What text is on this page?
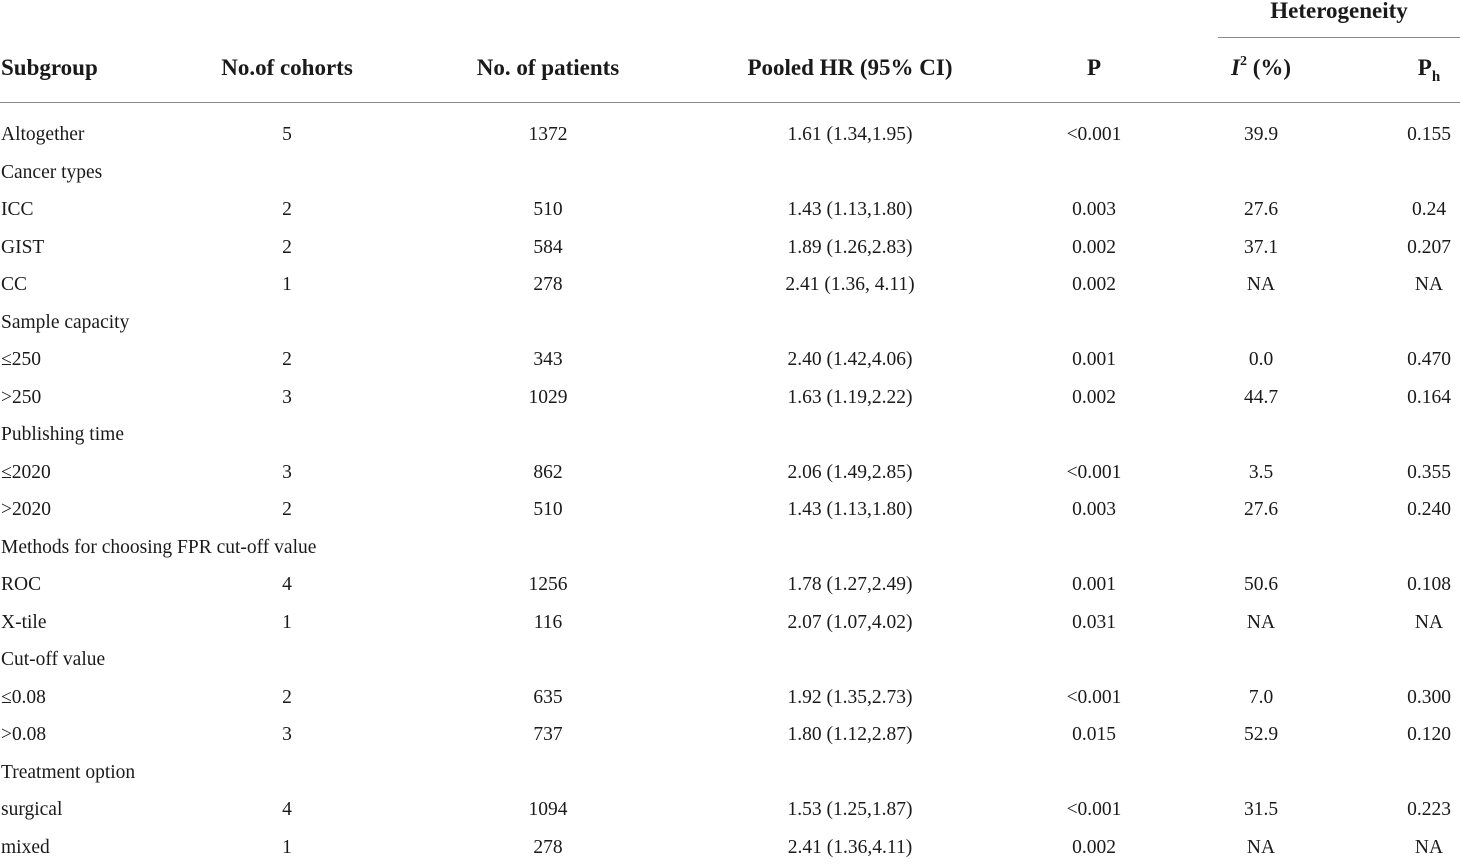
Heterogeneity
Subgroup	No.of cohorts	No. of patients	Pooled HR (95% CI)	P	$I^2$ (%)	$P_h$
Altogether	5	1372	1.61 (1.34,1.95)	<0.001	39.9	0.155
Cancer types
ICC	2	510	1.43 (1.13,1.80)	0.003	27.6	0.24
GIST	2	584	1.89 (1.26,2.83)	0.002	37.1	0.207
CC	1	278	2.41 (1.36, 4.11)	0.002	NA	NA
Sample capacity
≤250	2	343	2.40 (1.42,4.06)	0.001	0.0	0.470
>250	3	1029	1.63 (1.19,2.22)	0.002	44.7	0.164
Publishing time
≤2020	3	862	2.06 (1.49,2.85)	<0.001	3.5	0.355
>2020	2	510	1.43 (1.13,1.80)	0.003	27.6	0.240
Methods for choosing FPR cut-off value
ROC	4	1256	1.78 (1.27,2.49)	0.001	50.6	0.108
X-tile	1	116	2.07 (1.07,4.02)	0.031	NA	NA
Cut-off value
≤0.08	2	635	1.92 (1.35,2.73)	<0.001	7.0	0.300
>0.08	3	737	1.80 (1.12,2.87)	0.015	52.9	0.120
Treatment option
surgical	4	1094	1.53 (1.25,1.87)	<0.001	31.5	0.223
mixed	1	278	2.41 (1.36,4.11)	0.002	NA	NA
